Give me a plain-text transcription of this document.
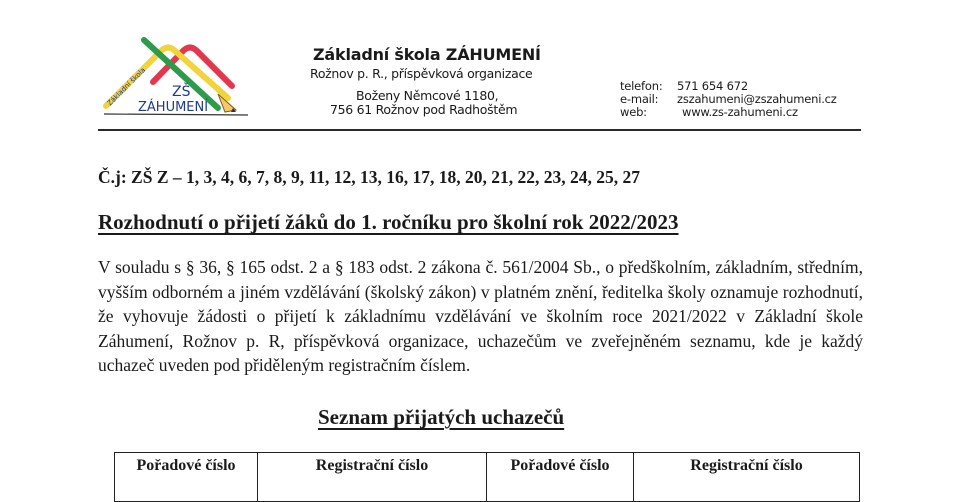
Základní škola ZŠ
ZÁHUMENÍ
Základní škola ZÁHUMENÍ
Rožnov p. R., příspěvková organizace
Boženy Němcové 1180,
756 61 Rožnov pod Radhoštěm
telefon:	571 654 672
e-mail:	zszahumeni@zszahumeni.cz
web:	www.zs-zahumeni.cz
Č.j: ZŠ Z – 1, 3, 4, 6, 7, 8, 9, 11, 12, 13, 16, 17, 18, 20, 21, 22, 23, 24, 25, 27
Rozhodnutí o přijetí žáků do 1. ročníku pro školní rok 2022/2023
V souladu s § 36, § 165 odst. 2 a § 183 odst. 2 zákona č. 561/2004 Sb., o předškolním, základním, středním, vyšším odborném a jiném vzdělávání (školský zákon) v platném znění, ředitelka školy oznamuje rozhodnutí, že vyhovuje žádosti o přijetí k základnímu vzdělávání ve školním roce 2021/2022 v Základní škole Záhumení, Rožnov p. R, příspěvková organizace, uchazečům ve zveřejněném seznamu, kde je každý uchazeč uveden pod přiděleným registračním číslem.
Seznam přijatých uchazečů
Pořadové číslo	Registrační číslo	Pořadové číslo	Registrační číslo
